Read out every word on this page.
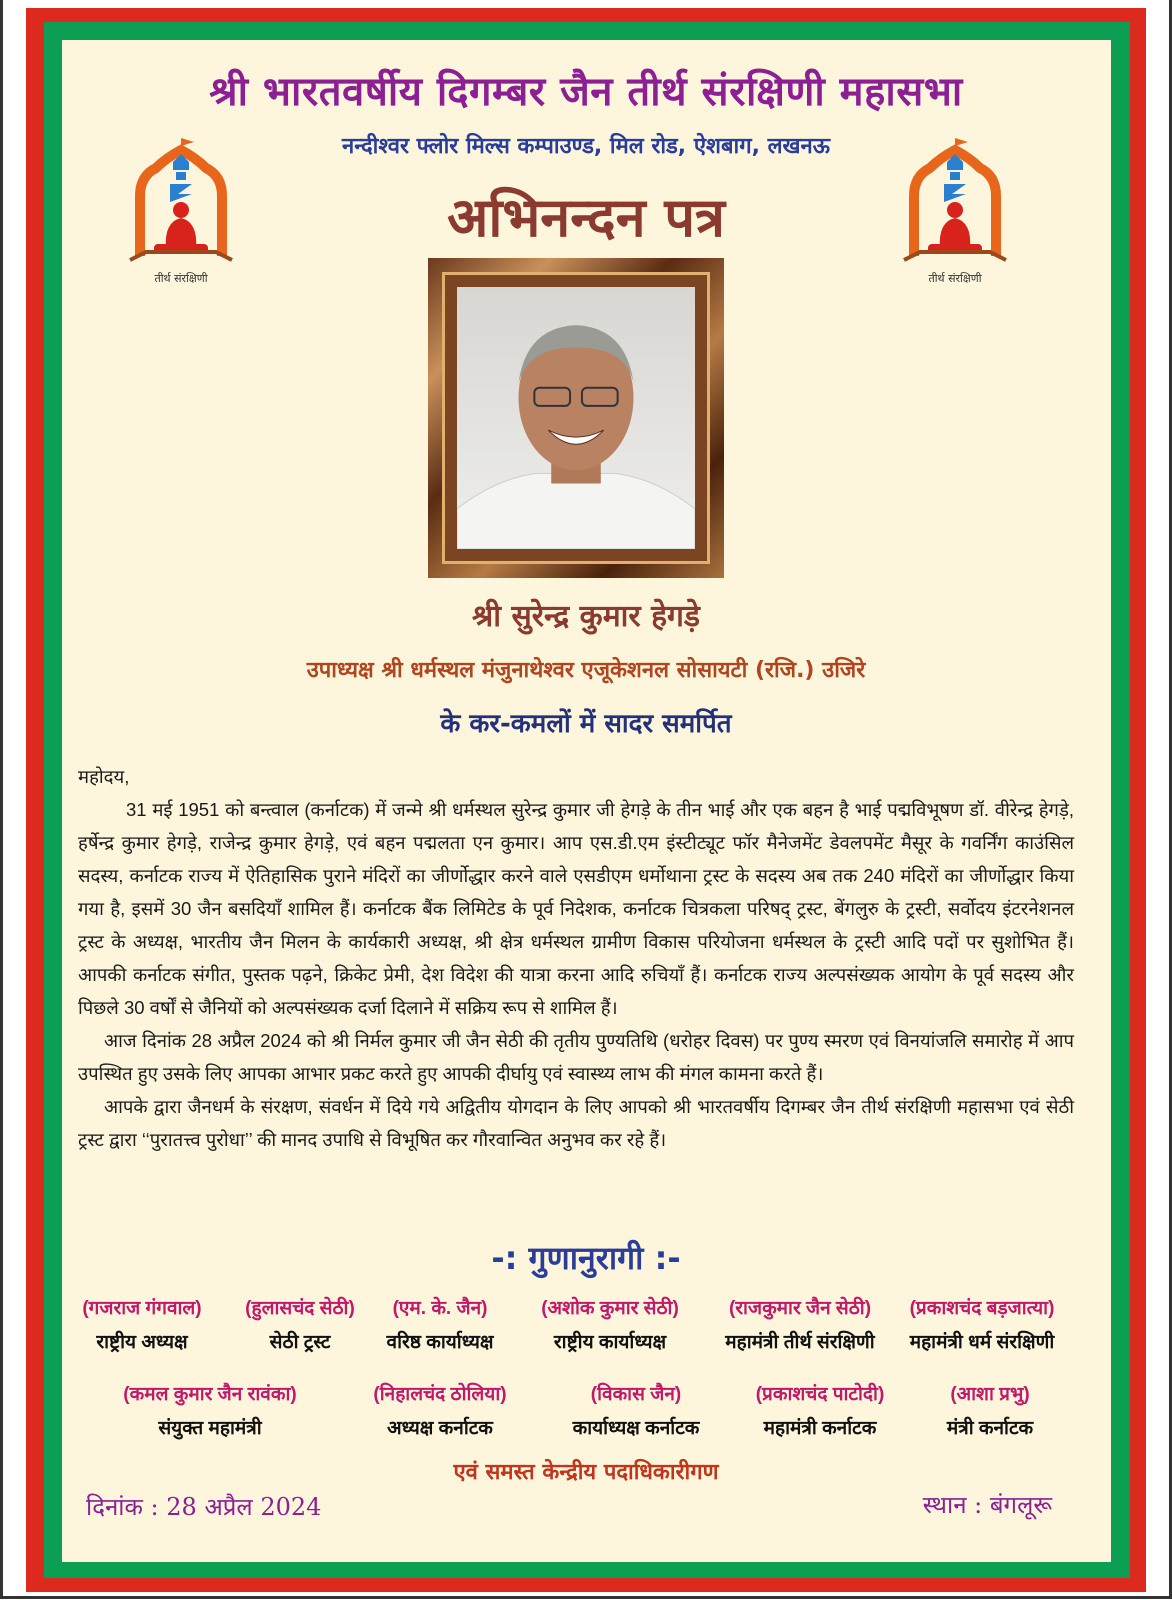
श्री भारतवर्षीय दिगम्बर जैन तीर्थ संरक्षिणी महासभा
नन्दीश्वर फ्लोर मिल्स कम्पाउण्ड, मिल रोड, ऐशबाग, लखनऊ
अभिनन्दन पत्र
तीर्थ संरक्षिणी	तीर्थ संरक्षिणी
श्री सुरेन्द्र कुमार हेगड़े
उपाध्यक्ष श्री धर्मस्थल मंजुनाथेश्वर एजूकेशनल सोसायटी (रजि.) उजिरे
के कर-कमलों में सादर समर्पित

महोदय,

31 मई 1951 को बन्त्वाल (कर्नाटक) में जन्मे श्री धर्मस्थल सुरेन्द्र कुमार जी हेगड़े के तीन भाई और एक बहन है भाई पद्मविभूषण डॉ. वीरेन्द्र हेगड़े, हर्षेन्द्र कुमार हेगड़े, राजेन्द्र कुमार हेगड़े, एवं बहन पद्मलता एन कुमार। आप एस.डी.एम इंस्टीट्यूट फॉर मैनेजमेंट डेवलपमेंट मैसूर के गवर्निंग काउंसिल सदस्य, कर्नाटक राज्य में ऐतिहासिक पुराने मंदिरों का जीर्णोद्धार करने वाले एसडीएम धर्मोथाना ट्रस्ट के सदस्य अब तक 240 मंदिरों का जीर्णोद्धार किया गया है, इसमें 30 जैन बसदियाँ शामिल हैं। कर्नाटक बैंक लिमिटेड के पूर्व निदेशक, कर्नाटक चित्रकला परिषद् ट्रस्ट, बेंगलुरु के ट्रस्टी, सर्वोदय इंटरनेशनल ट्रस्ट के अध्यक्ष, भारतीय जैन मिलन के कार्यकारी अध्यक्ष, श्री क्षेत्र धर्मस्थल ग्रामीण विकास परियोजना धर्मस्थल के ट्रस्टी आदि पदों पर सुशोभित हैं। आपकी कर्नाटक संगीत, पुस्तक पढ़ने, क्रिकेट प्रेमी, देश विदेश की यात्रा करना आदि रुचियाँ हैं। कर्नाटक राज्य अल्पसंख्यक आयोग के पूर्व सदस्य और पिछले 30 वर्षों से जैनियों को अल्पसंख्यक दर्जा दिलाने में सक्रिय रूप से शामिल हैं।

आज दिनांक 28 अप्रैल 2024 को श्री निर्मल कुमार जी जैन सेठी की तृतीय पुण्यतिथि (धरोहर दिवस) पर पुण्य स्मरण एवं विनयांजलि समारोह में आप उपस्थित हुए उसके लिए आपका आभार प्रकट करते हुए आपकी दीर्घायु एवं स्वास्थ्य लाभ की मंगल कामना करते हैं।

आपके द्वारा जैनधर्म के संरक्षण, संवर्धन में दिये गये अद्वितीय योगदान के लिए आपको श्री भारतवर्षीय दिगम्बर जैन तीर्थ संरक्षिणी महासभा एवं सेठी ट्रस्ट द्वारा ‘‘पुरातत्त्व पुरोधा’’ की मानद उपाधि से विभूषित कर गौरवान्वित अनुभव कर रहे हैं।

-: गुणानुरागी :-
(गजराज गंगवाल)
राष्ट्रीय अध्यक्ष
(हुलासचंद सेठी)
सेठी ट्रस्ट
(एम. के. जैन)
वरिष्ठ कार्याध्यक्ष
(अशोक कुमार सेठी)
राष्ट्रीय कार्याध्यक्ष
(राजकुमार जैन सेठी)
महामंत्री तीर्थ संरक्षिणी
(प्रकाशचंद बड़जात्या)
महामंत्री धर्म संरक्षिणी
(कमल कुमार जैन रावंका)
संयुक्त महामंत्री
(निहालचंद ठोलिया)
अध्यक्ष कर्नाटक
(विकास जैन)
कार्याध्यक्ष कर्नाटक
(प्रकाशचंद पाटोदी)
महामंत्री कर्नाटक
(आशा प्रभु)
मंत्री कर्नाटक
एवं समस्त केन्द्रीय पदाधिकारीगण
दिनांक : 28 अप्रैल 2024	स्थान : बंगलूरू
